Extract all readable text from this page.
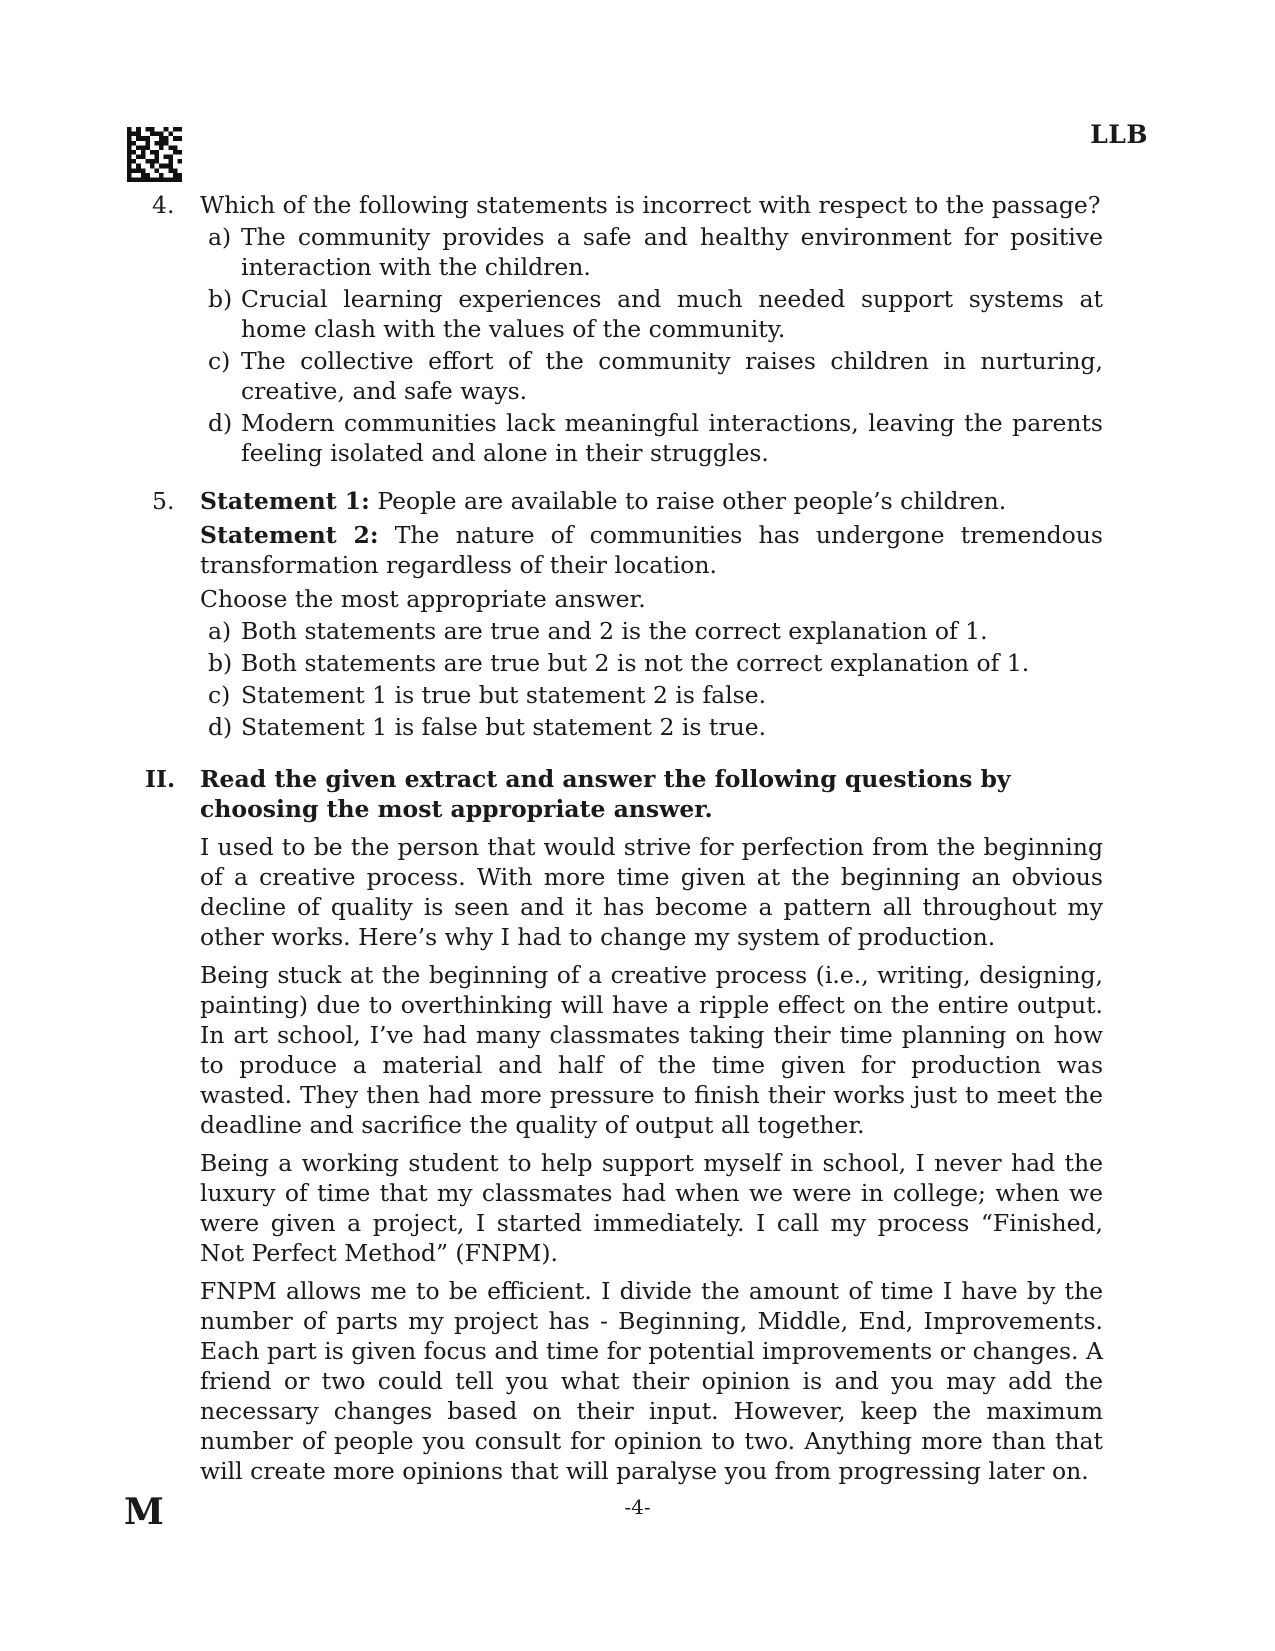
LLB
4. Which of the following statements is incorrect with respect to the passage?

a) The community provides a safe and healthy environment for positive interaction with the children.
b) Crucial learning experiences and much needed support systems at home clash with the values of the community.
c) The collective effort of the community raises children in nurturing, creative, and safe ways.
d) Modern communities lack meaningful interactions, leaving the parents feeling isolated and alone in their struggles.
5. Statement 1: People are available to raise other people’s children.
Statement 2: The nature of communities has undergone tremendous transformation regardless of their location.
Choose the most appropriate answer.
a) Both statements are true and 2 is the correct explanation of 1.
b) Both statements are true but 2 is not the correct explanation of 1.
c) Statement 1 is true but statement 2 is false.
d) Statement 1 is false but statement 2 is true.
II. Read the given extract and answer the following questions by choosing the most appropriate answer.

I used to be the person that would strive for perfection from the beginning of a creative process. With more time given at the beginning an obvious decline of quality is seen and it has become a pattern all throughout my other works. Here’s why I had to change my system of production.

Being stuck at the beginning of a creative process (i.e., writing, designing, painting) due to overthinking will have a ripple effect on the entire output. In art school, I’ve had many classmates taking their time planning on how to produce a material and half of the time given for production was wasted. They then had more pressure to finish their works just to meet the deadline and sacrifice the quality of output all together.

Being a working student to help support myself in school, I never had the luxury of time that my classmates had when we were in college; when we were given a project, I started immediately. I call my process “Finished, Not Perfect Method” (FNPM).

FNPM allows me to be efficient. I divide the amount of time I have by the number of parts my project has - Beginning, Middle, End, Improvements. Each part is given focus and time for potential improvements or changes. A friend or two could tell you what their opinion is and you may add the necessary changes based on their input. However, keep the maximum number of people you consult for opinion to two. Anything more than that will create more opinions that will paralyse you from progressing later on.

M	-4-
